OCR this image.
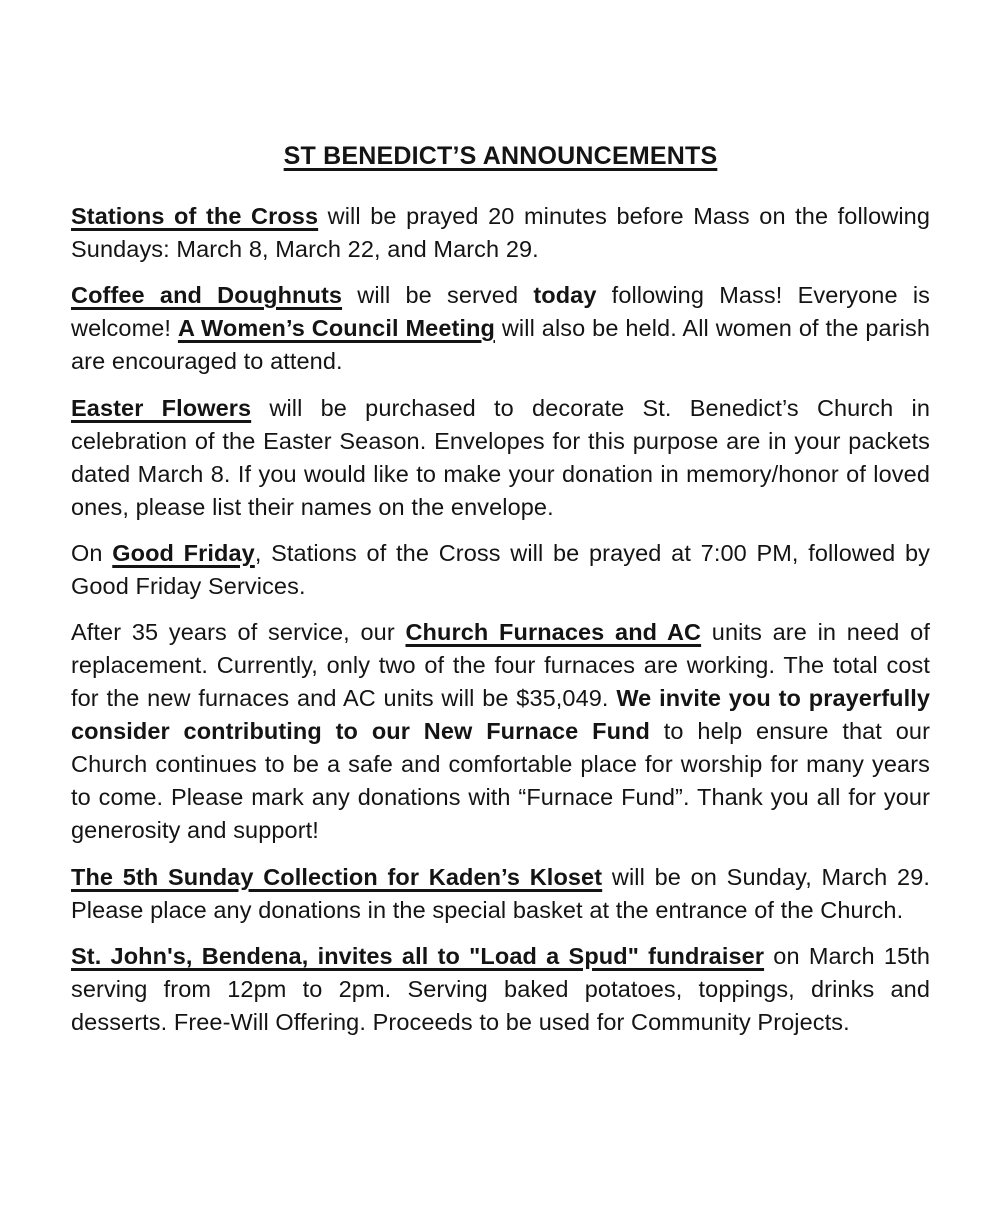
ST BENEDICT’S ANNOUNCEMENTS

Stations of the Cross will be prayed 20 minutes before Mass on the following Sundays: March 8, March 22, and March 29.

Coffee and Doughnuts will be served today following Mass! Everyone is welcome! A Women’s Council Meeting will also be held. All women of the parish are encouraged to attend.

Easter Flowers will be purchased to decorate St. Benedict’s Church in celebration of the Easter Season. Envelopes for this purpose are in your packets dated March 8. If you would like to make your donation in memory/honor of loved ones, please list their names on the envelope.

On Good Friday, Stations of the Cross will be prayed at 7:00 PM, followed by Good Friday Services.

After 35 years of service, our Church Furnaces and AC units are in need of replacement. Currently, only two of the four furnaces are working. The total cost for the new furnaces and AC units will be $35,049. We invite you to prayerfully consider contributing to our New Furnace Fund to help ensure that our Church continues to be a safe and comfortable place for worship for many years to come. Please mark any donations with “Furnace Fund”. Thank you all for your generosity and support!

The 5th Sunday Collection for Kaden’s Kloset will be on Sunday, March 29. Please place any donations in the special basket at the entrance of the Church.

St. John's, Bendena, invites all to "Load a Spud" fundraiser on March 15th serving from 12pm to 2pm. Serving baked potatoes, toppings, drinks and desserts. Free-Will Offering. Proceeds to be used for Community Projects.
